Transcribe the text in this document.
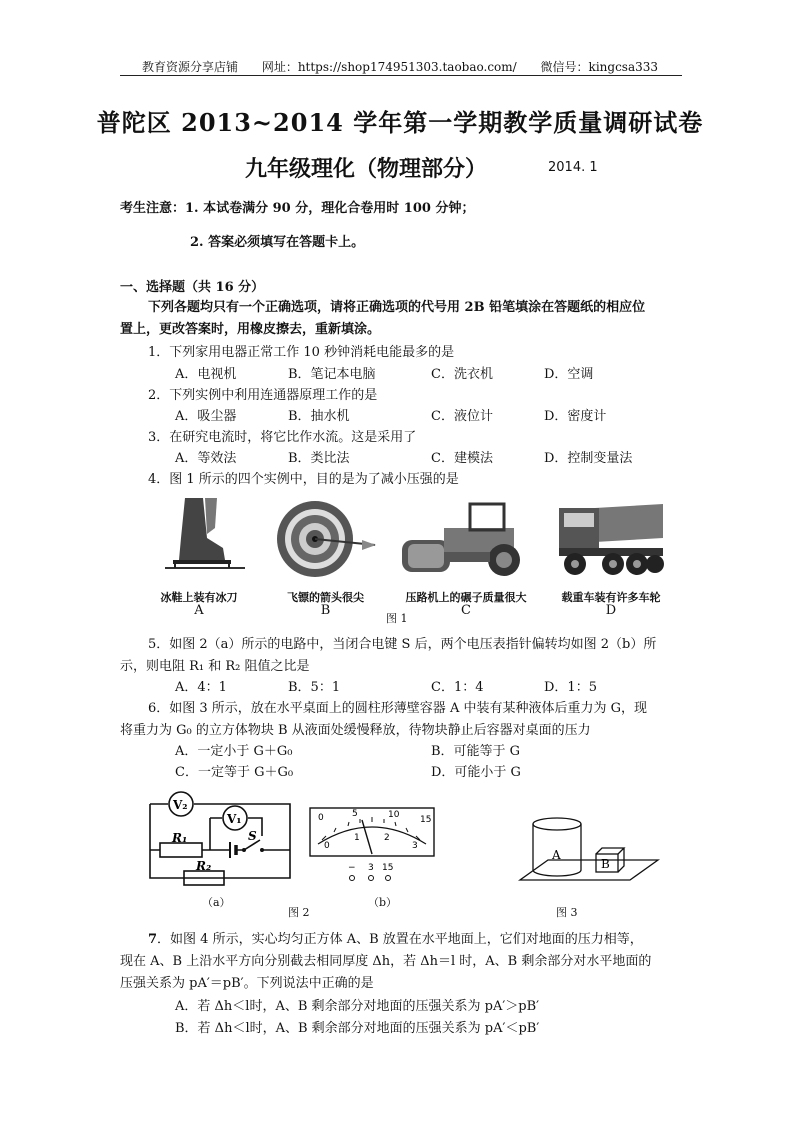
教育资源分享店铺 网址：https://shop174951303.taobao.com/ 微信号：kingcsa333
普陀区 2013~2014 学年第一学期教学质量调研试卷
九年级理化（物理部分）	2014. 1
考生注意：1. 本试卷满分 90 分，理化合卷用时 100 分钟；
2. 答案必须填写在答题卡上。
一、选择题（共 16 分）
下列各题均只有一个正确选项，请将正确选项的代号用 2B 铅笔填涂在答题纸的相应位
置上，更改答案时，用橡皮擦去，重新填涂。
1．下列家用电器正常工作 10 秒钟消耗电能最多的是
A．电视机	B．笔记本电脑	C．洗衣机	D．空调
2．下列实例中利用连通器原理工作的是
A．吸尘器	B．抽水机	C．液位计	D．密度计
3．在研究电流时，将它比作水流。这是采用了
A．等效法	B．类比法	C．建模法	D．控制变量法
4．图 1 所示的四个实例中，目的是为了减小压强的是
冰鞋上装有冰刀	飞镖的箭头很尖	压路机上的碾子质量很大	载重车装有许多车轮
A	B	C	D
图 1
5．如图 2（a）所示的电路中，当闭合电键 S 后，两个电压表指针偏转均如图 2（b）所
示，则电阻 R₁ 和 R₂ 阻值之比是
A．4：1	B．5：1	C．1：4	D．1：5
6．如图 3 所示，放在水平桌面上的圆柱形薄壁容器 A 中装有某种液体后重力为 G，现
将重力为 G₀ 的立方体物块 B 从液面处缓慢释放，待物块静止后容器对桌面的压力
A．一定小于 G＋G₀	B．可能等于 G
C．一定等于 G＋G₀	D．可能小于 G
V₂
V₁
S
R₁
R₂
（a）
0	5	10 15
0
1	2
3
− 3 15
（b）
图 2
A
B
图 3
7．如图 4 所示，实心均匀正方体 A、B 放置在水平地面上，它们对地面的压力相等，
现在 A、B 上沿水平方向分别截去相同厚度 Δh，若 Δh＝l 时，A、B 剩余部分对水平地面的
压强关系为 pA′＝pB′。下列说法中正确的是
A．若 Δh＜l时，A、B 剩余部分对地面的压强关系为 pA′＞pB′
B．若 Δh＜l时，A、B 剩余部分对地面的压强关系为 pA′＜pB′
